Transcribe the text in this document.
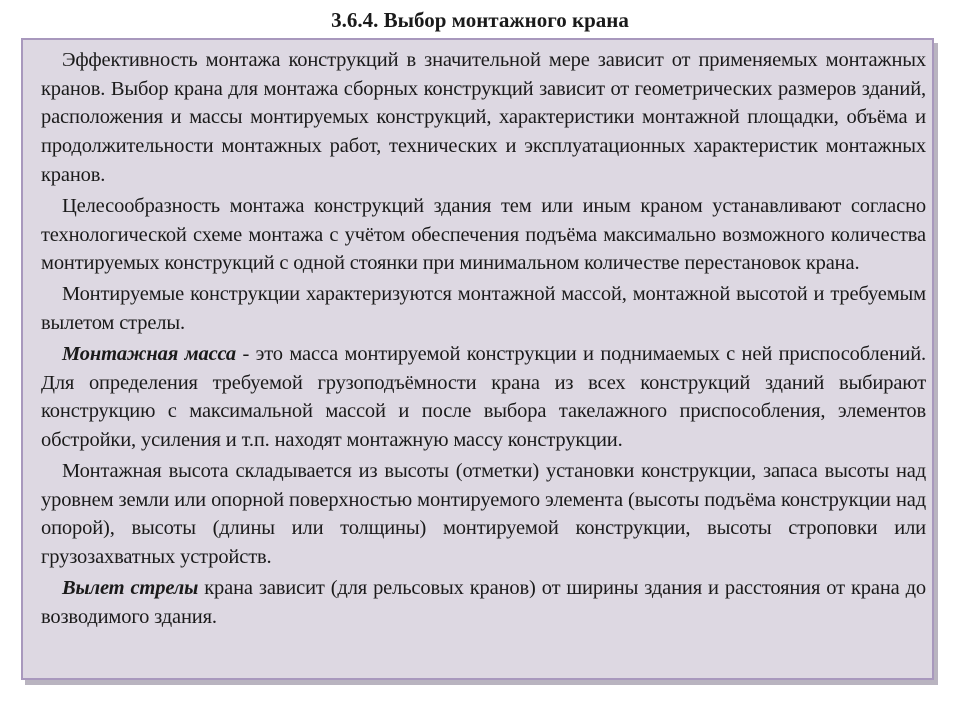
3.6.4. Выбор монтажного крана

Эффективность монтажа конструкций в значительной мере зависит от применяемых монтажных кранов. Выбор крана для монтажа сборных конструкций зависит от геометрических размеров зданий, расположения и массы монтируемых конструкций, характеристики монтажной площадки, объёма и продолжительности монтажных работ, технических и эксплуатационных характеристик монтажных кранов.

Целесообразность монтажа конструкций здания тем или иным краном устанавливают согласно технологической схеме монтажа с учётом обеспечения подъёма максимально возможного количества монтируемых конструкций с одной стоянки при минимальном количестве перестановок крана.

Монтируемые конструкции характеризуются монтажной массой, монтажной высотой и требуемым вылетом стрелы.

Монтажная масса - это масса монтируемой конструкции и поднимаемых с ней приспособлений. Для определения требуемой грузоподъёмности крана из всех конструкций зданий выбирают конструкцию с максимальной массой и после выбора такелажного приспособления, элементов обстройки, усиления и т.п. находят монтажную массу конструкции.

Монтажная высота складывается из высоты (отметки) установки конструкции, запаса высоты над уровнем земли или опорной поверхностью монтируемого элемента (высоты подъёма конструкции над опорой), высоты (длины или толщины) монтируемой конструкции, высоты строповки или грузозахватных устройств.

Вылет стрелы крана зависит (для рельсовых кранов) от ширины здания и расстояния от крана до возводимого здания.
